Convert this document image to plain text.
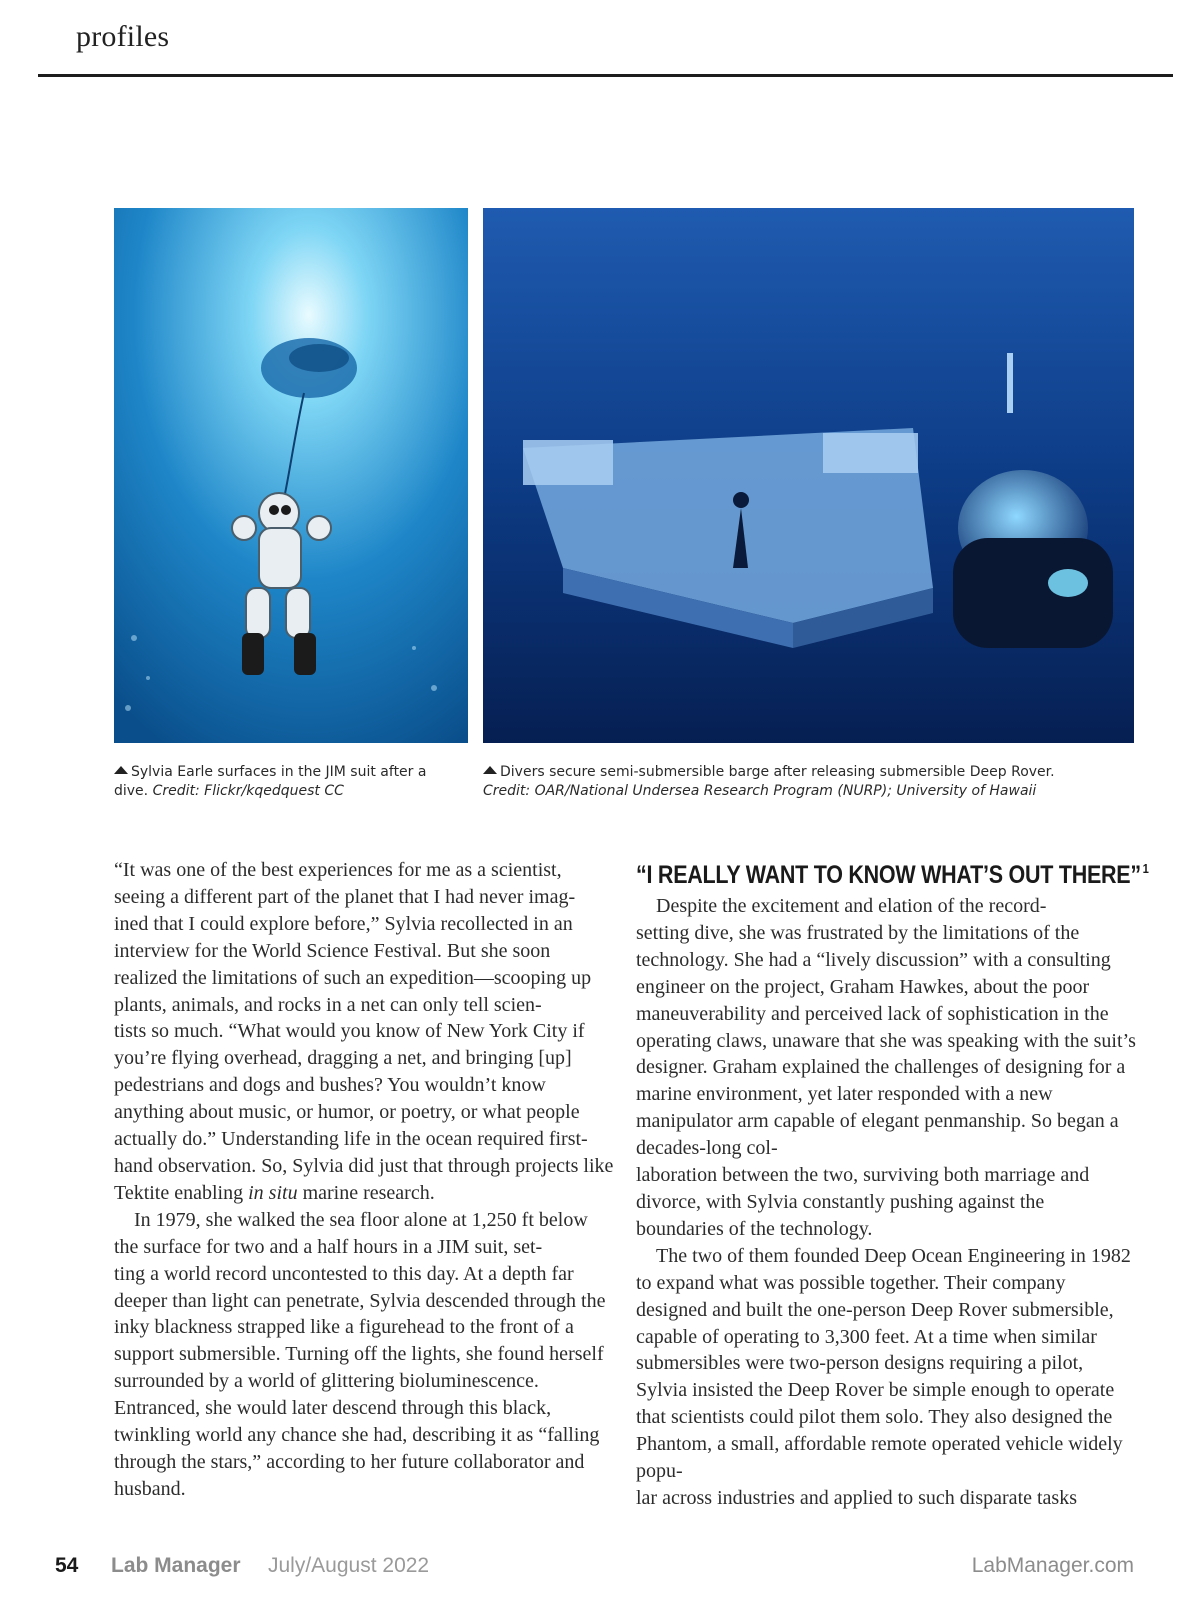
profiles
Sylvia Earle surfaces in the JIM suit after a dive. Credit: Flickr/kqedquest CC
Divers secure semi-submersible barge after releasing submersible Deep Rover.
Credit: OAR/National Undersea Research Program (NURP); University of Hawaii

“It was one of the best experiences for me as a scientist, seeing a different part of the planet that I had never imag-
ined that I could explore before,” Sylvia recollected in an interview for the World Science Festival. But she soon realized the limitations of such an expedition—scooping up plants, animals, and rocks in a net can only tell scien-
tists so much. “What would you know of New York City if you’re flying overhead, dragging a net, and bringing [up] pedestrians and dogs and bushes? You wouldn’t know anything about music, or humor, or poetry, or what people actually do.” Understanding life in the ocean required first-hand observation. So, Sylvia did just that through projects like Tektite enabling in situ marine research.

In 1979, she walked the sea floor alone at 1,250 ft below the surface for two and a half hours in a JIM suit, set-
ting a world record uncontested to this day. At a depth far deeper than light can penetrate, Sylvia descended through the inky blackness strapped like a figurehead to the front of a support submersible. Turning off the lights, she found herself surrounded by a world of glittering bioluminescence. Entranced, she would later descend through this black, twinkling world any chance she had, describing it as “falling through the stars,” according to her future collaborator and husband.

“I REALLY WANT TO KNOW WHAT’S OUT THERE” $^1$

Despite the excitement and elation of the record-
setting dive, she was frustrated by the limitations of the technology. She had a “lively discussion” with a consulting engineer on the project, Graham Hawkes, about the poor maneuverability and perceived lack of sophistication in the operating claws, unaware that she was speaking with the suit’s designer. Graham explained the challenges of designing for a marine environment, yet later responded with a new manipulator arm capable of elegant penmanship. So began a decades-long col-
laboration between the two, surviving both marriage and divorce, with Sylvia constantly pushing against the boundaries of the technology.

The two of them founded Deep Ocean Engineering in 1982 to expand what was possible together. Their company designed and built the one-person Deep Rover submersible, capable of operating to 3,300 feet. At a time when similar submersibles were two-person designs requiring a pilot, Sylvia insisted the Deep Rover be simple enough to operate that scientists could pilot them solo. They also designed the Phantom, a small, affordable remote operated vehicle widely popu-
lar across industries and applied to such disparate tasks

54 Lab Manager July/August 2022	LabManager.com
